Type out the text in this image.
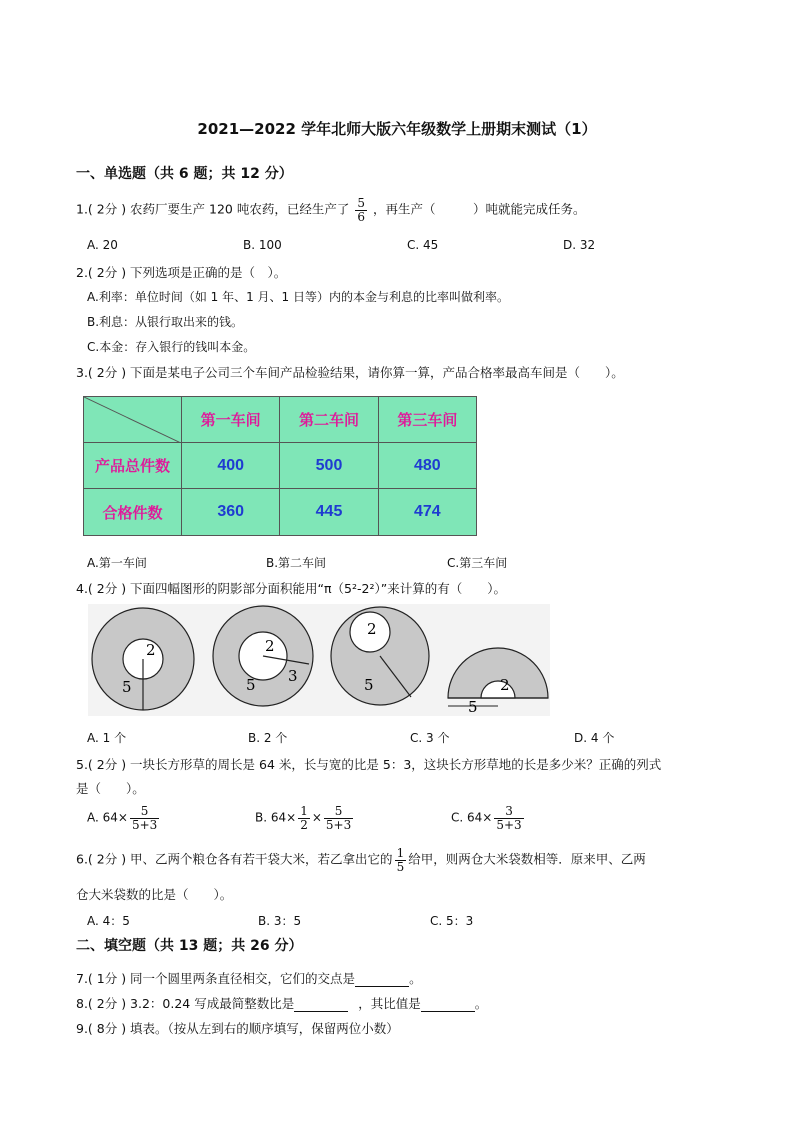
2021—2022 学年北师大版六年级数学上册期末测试（1）
一、单选题（共 6 题；共 12 分）
1.( 2分 ) 农药厂要生产 120 吨农药，已经生产了 $\frac{5}{6}$ ，再生产（　　　）吨就能完成任务。
A. 20	B. 100	C. 45	D. 32
2.( 2分 ) 下列选项是正确的是（　）。
A.利率：单位时间（如 1 年、1 月、1 日等）内的本金与利息的比率叫做利率。
B.利息：从银行取出来的钱。
C.本金：存入银行的钱叫本金。
3.( 2分 ) 下面是某电子公司三个车间产品检验结果，请你算一算，产品合格率最高车间是（　　）。
	第一车间	第二车间	第三车间
产品总件数	400	500	480
合格件数	360	445	474
A.第一车间	B.第二车间	C.第三车间
4.( 2分 ) 下面四幅图形的阴影部分面积能用“π（5²-2²）”来计算的有（　　）。
2
5
2
5 3
2
5	2
5
A. 1 个	B. 2 个	C. 3 个	D. 4 个
5.( 2分 ) 一块长方形草的周长是 64 米，长与宽的比是 5：3，这块长方形草地的长是多少米？正确的列式
是（　　）。
A. $64\times \frac{5}{5+3}$	B. $64\times \frac{1}{2} \times \frac{5}{5+3}$	C. $64\times \frac{3}{5+3}$
6.( 2分 ) 甲、乙两个粮仓各有若干袋大米，若乙拿出它的 $\frac{1}{5}$ 给甲，则两仓大米袋数相等．原来甲、乙两
仓大米袋数的比是（　　）。
A. 4：5	B. 3：5	C. 5：3
二、填空题（共 13 题；共 26 分）
7.( 1分 ) 同一个圆里两条直径相交，它们的交点是	。
8.( 2分 ) 3.2：0.24 写成最简整数比是	，其比值是	。
9.( 8分 ) 填表。（按从左到右的顺序填写，保留两位小数）
